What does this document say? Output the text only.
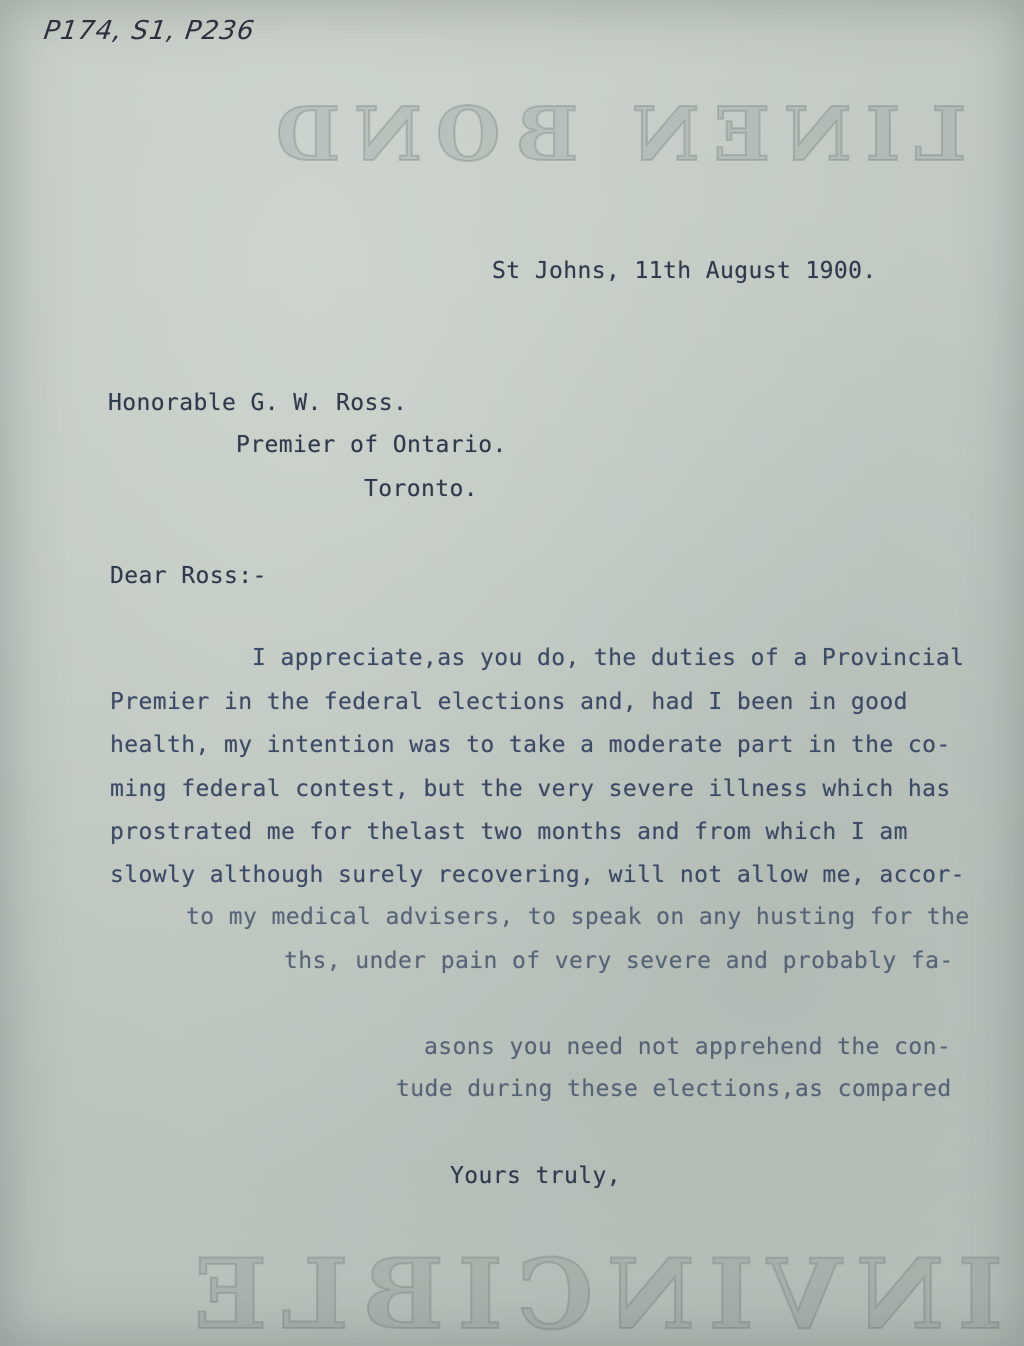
LINEN BOND
INVINCIBLE
P174, S1, P236
St Johns, 11th August 1900.
Honorable G. W. Ross.
Premier of Ontario.
Toronto.
Dear Ross:-
I appreciate,as you do, the duties of a Provincial
Premier in the federal elections and, had I been in good
health, my intention was to take a moderate part in the co-
ming federal contest, but the very severe illness which has
prostrated me for thelast two months and from which I am
slowly although surely recovering, will not allow me, accor-
to my medical advisers, to speak on any husting for the
ths, under pain of very severe and probably fa-
asons you need not apprehend the con-
tude during these elections,as compared
Yours truly,
